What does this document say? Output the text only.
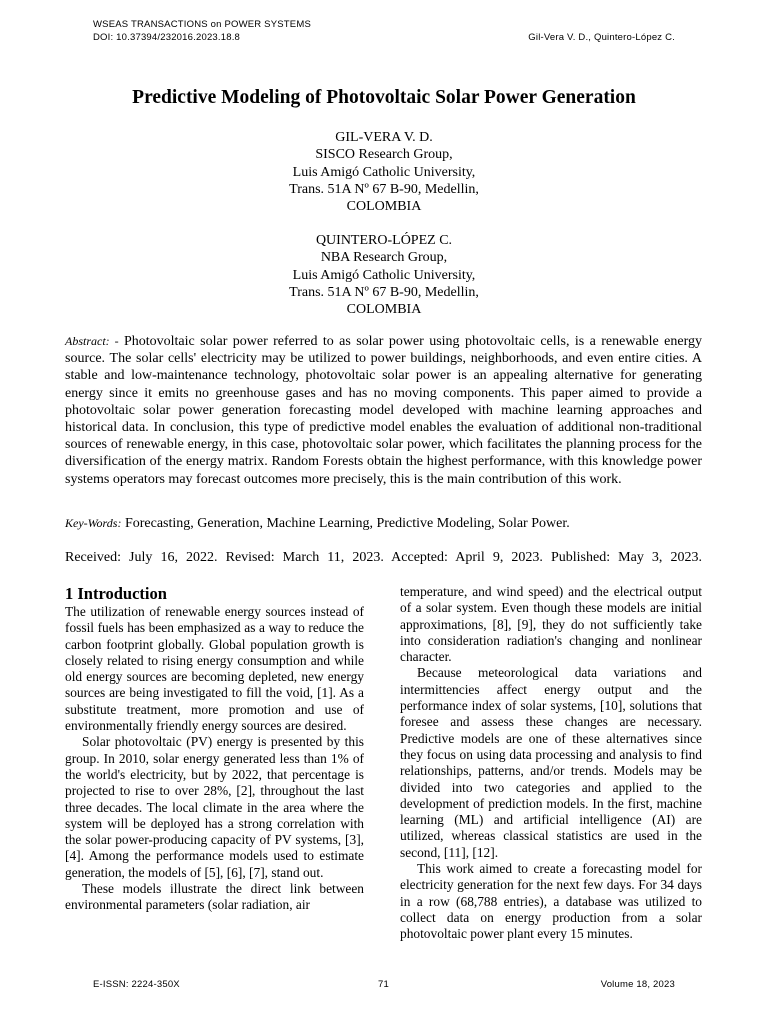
WSEAS TRANSACTIONS on POWER SYSTEMS
DOI: 10.37394/232016.2023.18.8	Gil-Vera V. D., Quintero-López C.
Predictive Modeling of Photovoltaic Solar Power Generation
GIL-VERA V. D.
SISCO Research Group,
Luis Amigó Catholic University,
Trans. 51A Nº 67 B-90, Medellin,
COLOMBIA
QUINTERO-LÓPEZ C.
NBA Research Group,
Luis Amigó Catholic University,
Trans. 51A Nº 67 B-90, Medellin,
COLOMBIA
Abstract: - Photovoltaic solar power referred to as solar power using photovoltaic cells, is a renewable energy source. The solar cells' electricity may be utilized to power buildings, neighborhoods, and even entire cities. A stable and low-maintenance technology, photovoltaic solar power is an appealing alternative for generating energy since it emits no greenhouse gases and has no moving components. This paper aimed to provide a photovoltaic solar power generation forecasting model developed with machine learning approaches and historical data. In conclusion, this type of predictive model enables the evaluation of additional non-traditional sources of renewable energy, in this case, photovoltaic solar power, which facilitates the planning process for the diversification of the energy matrix. Random Forests obtain the highest performance, with this knowledge power systems operators may forecast outcomes more precisely, this is the main contribution of this work.
Key-Words: Forecasting, Generation, Machine Learning, Predictive Modeling, Solar Power.
Received: July 16, 2022. Revised: March 11, 2023. Accepted: April 9, 2023. Published: May 3, 2023.

1 Introduction

The utilization of renewable energy sources instead of fossil fuels has been emphasized as a way to reduce the carbon footprint globally. Global population growth is closely related to rising energy consumption and while old energy sources are becoming depleted, new energy sources are being investigated to fill the void, [1]. As a substitute treatment, more promotion and use of environmentally friendly energy sources are desired.

Solar photovoltaic (PV) energy is presented by this group. In 2010, solar energy generated less than 1% of the world's electricity, but by 2022, that percentage is projected to rise to over 28%, [2], throughout the last three decades. The local climate in the area where the system will be deployed has a strong correlation with the solar power-producing capacity of PV systems, [3], [4]. Among the performance models used to estimate generation, the models of [5], [6], [7], stand out.

These models illustrate the direct link between environmental parameters (solar radiation, air

temperature, and wind speed) and the electrical output of a solar system. Even though these models are initial approximations, [8], [9], they do not sufficiently take into consideration radiation's changing and nonlinear character.

Because meteorological data variations and intermittencies affect energy output and the performance index of solar systems, [10], solutions that foresee and assess these changes are necessary. Predictive models are one of these alternatives since they focus on using data processing and analysis to find relationships, patterns, and/or trends. Models may be divided into two categories and applied to the development of prediction models. In the first, machine learning (ML) and artificial intelligence (AI) are utilized, whereas classical statistics are used in the second, [11], [12].

This work aimed to create a forecasting model for electricity generation for the next few days. For 34 days in a row (68,788 entries), a database was utilized to collect data on energy production from a solar photovoltaic power plant every 15 minutes.

E-ISSN: 2224-350X	71	Volume 18, 2023
